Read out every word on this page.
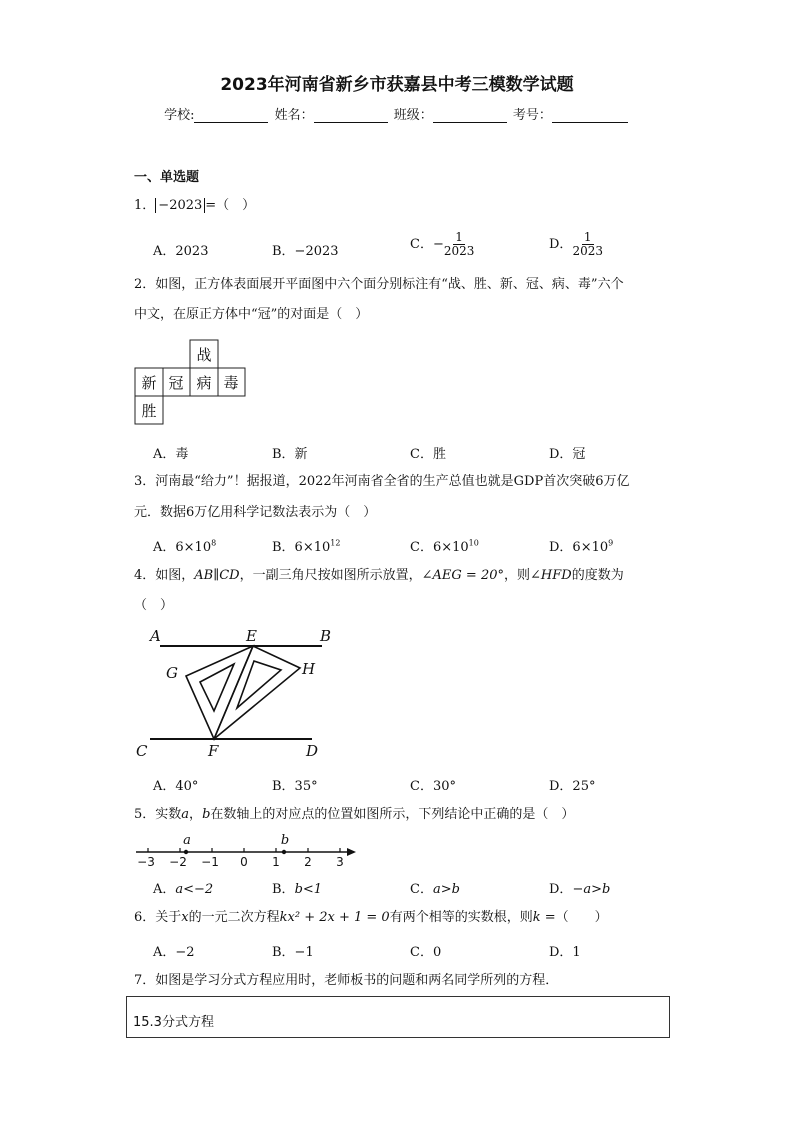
2023年河南省新乡市获嘉县中考三模数学试题
学校:	姓名：	班级：	考号：
一、单选题
1． −2023 =（　）
A．2023	B．−2023	C．− $\frac{1}{2023}$	D． $\frac{1}{2023}$
2．如图，正方体表面展开平面图中六个面分别标注有“战、胜、新、冠、病、毒”六个
中文，在原正方体中“冠”的对面是（　）
战
新 冠 病 毒
胜
A．毒	B．新	C．胜	D．冠
3．河南最“给力”！据报道，2022年河南省全省的生产总值也就是GDP首次突破6万亿
元．数据6万亿用科学记数法表示为（　）
A．$6\times 10^8$	B．$6\times 10^{12}$	C．$6\times 10^{10}$	D．$6\times 10^9$
4．如图，AB∥CD，一副三角尺按如图所示放置，∠AEG = 20°，则∠HFD的度数为
（　）
A	E	B
G	H
C	F	D
A．40°	B．35°	C．30°	D．25°
5．实数a，b在数轴上的对应点的位置如图所示，下列结论中正确的是（　）
a	b
−3 −2 −1 0 1 2 3
A．a<−2	B．b<1	C．a>b	D．−a>b
6．关于x的一元二次方程kx² + 2x + 1 = 0有两个相等的实数根，则k =（　　）
A．−2	B．−1	C．0	D．1
7．如图是学习分式方程应用时，老师板书的问题和两名同学所列的方程．
15.3分式方程
